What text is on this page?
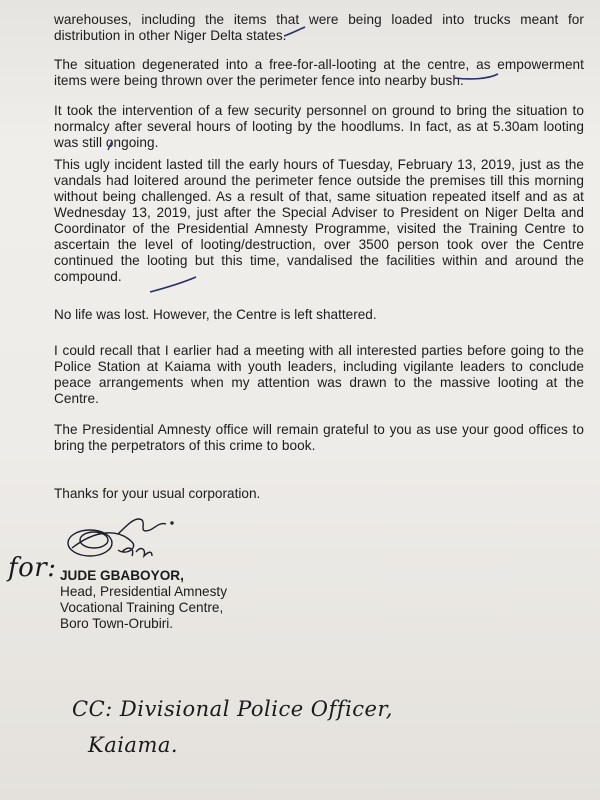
warehouses, including the items that were being loaded into trucks meant for distribution in other Niger Delta states.

The situation degenerated into a free-for-all-looting at the centre, as empowerment items were being thrown over the perimeter fence into nearby bush.

It took the intervention of a few security personnel on ground to bring the situation to normalcy after several hours of looting by the hoodlums. In fact, as at 5.30am looting was still ongoing.

This ugly incident lasted till the early hours of Tuesday, February 13, 2019, just as the vandals had loitered around the perimeter fence outside the premises till this morning without being challenged. As a result of that, same situation repeated itself and as at Wednesday 13, 2019, just after the Special Adviser to President on Niger Delta and Coordinator of the Presidential Amnesty Programme, visited the Training Centre to ascertain the level of looting/destruction, over 3500 person took over the Centre continued the looting but this time, vandalised the facilities within and around the compound.

No life was lost. However, the Centre is left shattered.

I could recall that I earlier had a meeting with all interested parties before going to the Police Station at Kaiama with youth leaders, including vigilante leaders to conclude peace arrangements when my attention was drawn to the massive looting at the Centre.

The Presidential Amnesty office will remain grateful to you as use your good offices to bring the perpetrators of this crime to book.

Thanks for your usual corporation.

JUDE GBABOYOR,

Head, Presidential Amnesty

Vocational Training Centre,

Boro Town-Orubiri.

for:

CC: Divisional Police Officer,

Kaiama.
